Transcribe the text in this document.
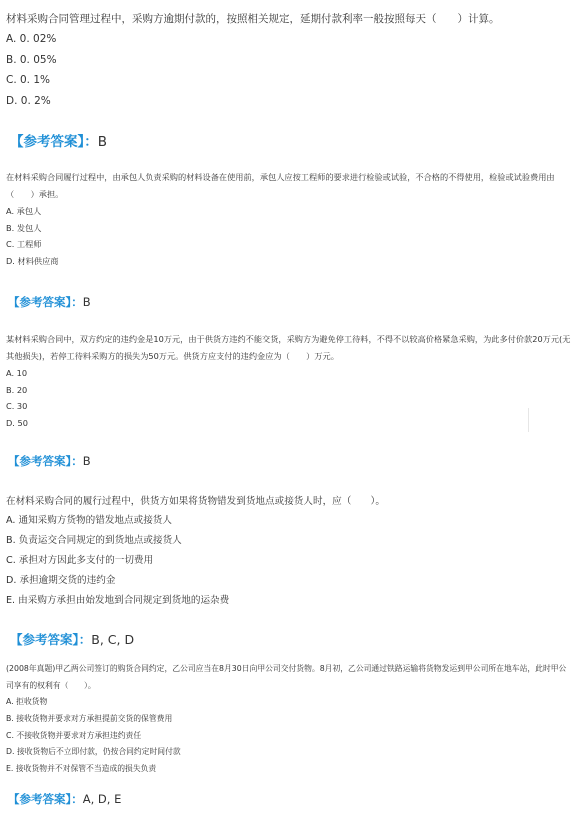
材料采购合同管理过程中，采购方逾期付款的，按照相关规定，延期付款利率一般按照每天（　　）计算。

A. 0. 02%

B. 0. 05%

C. 0. 1%

D. 0. 2%

【参考答案】：B

在材料采购合同履行过程中，由承包人负责采购的材料设备在使用前，承包人应按工程师的要求进行检验或试验，不合格的不得使用，检验或试验费用由（　　）承担。

A. 承包人

B. 发包人

C. 工程师

D. 材料供应商

【参考答案】：B

某材料采购合同中，双方约定的违约金是10万元，由于供货方违约不能交货，采购方为避免停工待料，不得不以较高价格紧急采购，为此多付价款20万元(无其他损失)，若停工待料采购方的损失为50万元。供货方应支付的违约金应为（　　）万元。

A. 10

B. 20

C. 30

D. 50

【参考答案】：B

在材料采购合同的履行过程中，供货方如果将货物错发到货地点或接货人时，应（　　）。

A. 通知采购方货物的错发地点或接货人

B. 负责运交合同规定的到货地点或接货人

C. 承担对方因此多支付的一切费用

D. 承担逾期交货的违约金

E. 由采购方承担由始发地到合同规定到货地的运杂费

【参考答案】：B, C, D

(2008年真题)甲乙两公司签订的购货合同约定，乙公司应当在8月30日向甲公司交付货物。8月初，乙公司通过铁路运输将货物发运到甲公司所在地车站，此时甲公司享有的权利有（　　）。

A. 拒收货物

B. 接收货物并要求对方承担提前交货的保管费用

C. 不接收货物并要求对方承担违约责任

D. 接收货物后不立即付款，仍按合同约定时间付款

E. 接收货物并不对保管不当造成的损失负责

【参考答案】：A, D, E
